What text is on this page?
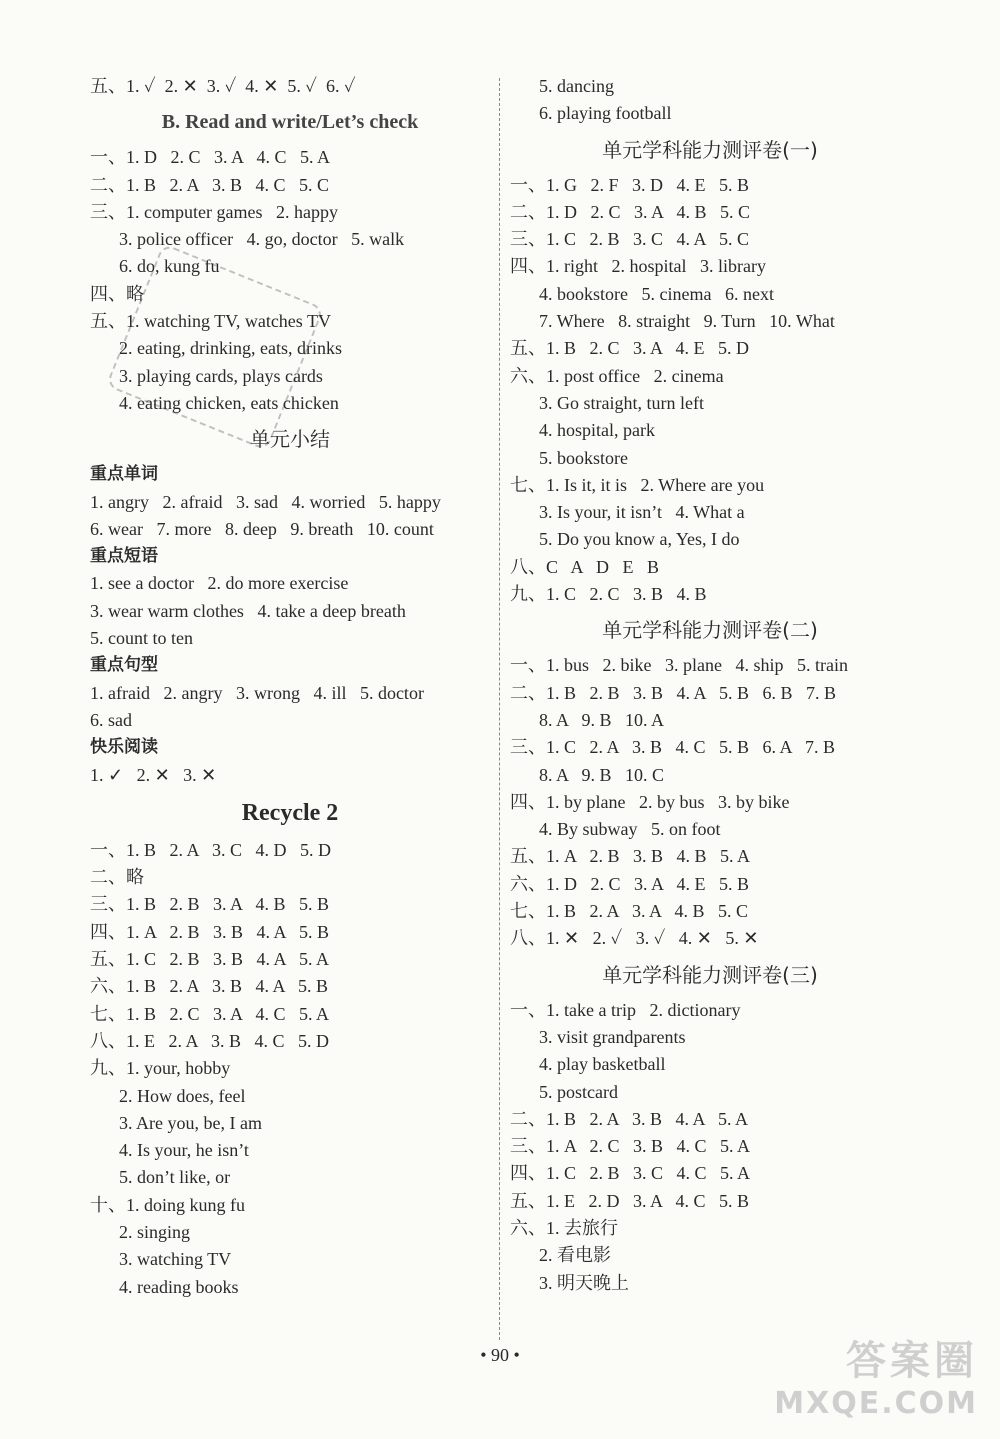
五、1. ✓  2. ✕  3. ✓  4. ✕  5. ✓  6. ✓
B. Read and write/Let’s check
一、1. D   2. C   3. A   4. C   5. A
二、1. B   2. A   3. B   4. C   5. C
三、1. computer games   2. happy
3. police officer   4. go, doctor   5. walk
6. do, kung fu
四、略
五、1. watching TV, watches TV
2. eating, drinking, eats, drinks
3. playing cards, plays cards
4. eating chicken, eats chicken
单元小结
重点单词
1. angry   2. afraid   3. sad   4. worried   5. happy
6. wear   7. more   8. deep   9. breath   10. count
重点短语
1. see a doctor   2. do more exercise
3. wear warm clothes   4. take a deep breath
5. count to ten
重点句型
1. afraid   2. angry   3. wrong   4. ill   5. doctor
6. sad
快乐阅读
1. ✓   2. ✕   3. ✕
Recycle 2
一、1. B   2. A   3. C   4. D   5. D
二、略
三、1. B   2. B   3. A   4. B   5. B
四、1. A   2. B   3. B   4. A   5. B
五、1. C   2. B   3. B   4. A   5. A
六、1. B   2. A   3. B   4. A   5. B
七、1. B   2. C   3. A   4. C   5. A
八、1. E   2. A   3. B   4. C   5. D
九、1. your, hobby
2. How does, feel
3. Are you, be, I am
4. Is your, he isn’t
5. don’t like, or
十、1. doing kung fu
2. singing
3. watching TV
4. reading books
5. dancing
6. playing football
单元学科能力测评卷(一)
一、1. G   2. F   3. D   4. E   5. B
二、1. D   2. C   3. A   4. B   5. C
三、1. C   2. B   3. C   4. A   5. C
四、1. right   2. hospital   3. library
4. bookstore   5. cinema   6. next
7. Where   8. straight   9. Turn   10. What
五、1. B   2. C   3. A   4. E   5. D
六、1. post office   2. cinema
3. Go straight, turn left
4. hospital, park
5. bookstore
七、1. Is it, it is   2. Where are you
3. Is your, it isn’t   4. What a
5. Do you know a, Yes, I do
八、C   A   D   E   B
九、1. C   2. C   3. B   4. B
单元学科能力测评卷(二)
一、1. bus   2. bike   3. plane   4. ship   5. train
二、1. B   2. B   3. B   4. A   5. B   6. B   7. B
8. A   9. B   10. A
三、1. C   2. A   3. B   4. C   5. B   6. A   7. B
8. A   9. B   10. C
四、1. by plane   2. by bus   3. by bike
4. By subway   5. on foot
五、1. A   2. B   3. B   4. B   5. A
六、1. D   2. C   3. A   4. E   5. B
七、1. B   2. A   3. A   4. B   5. C
八、1. ✕   2. ✓   3. ✓   4. ✕   5. ✕
单元学科能力测评卷(三)
一、1. take a trip   2. dictionary
3. visit grandparents
4. play basketball
5. postcard
二、1. B   2. A   3. B   4. A   5. A
三、1. A   2. C   3. B   4. C   5. A
四、1. C   2. B   3. C   4. C   5. A
五、1. E   2. D   3. A   4. C   5. B
六、1. 去旅行
2. 看电影
3. 明天晚上
• 90 •	答案圈
MXQE.COM
